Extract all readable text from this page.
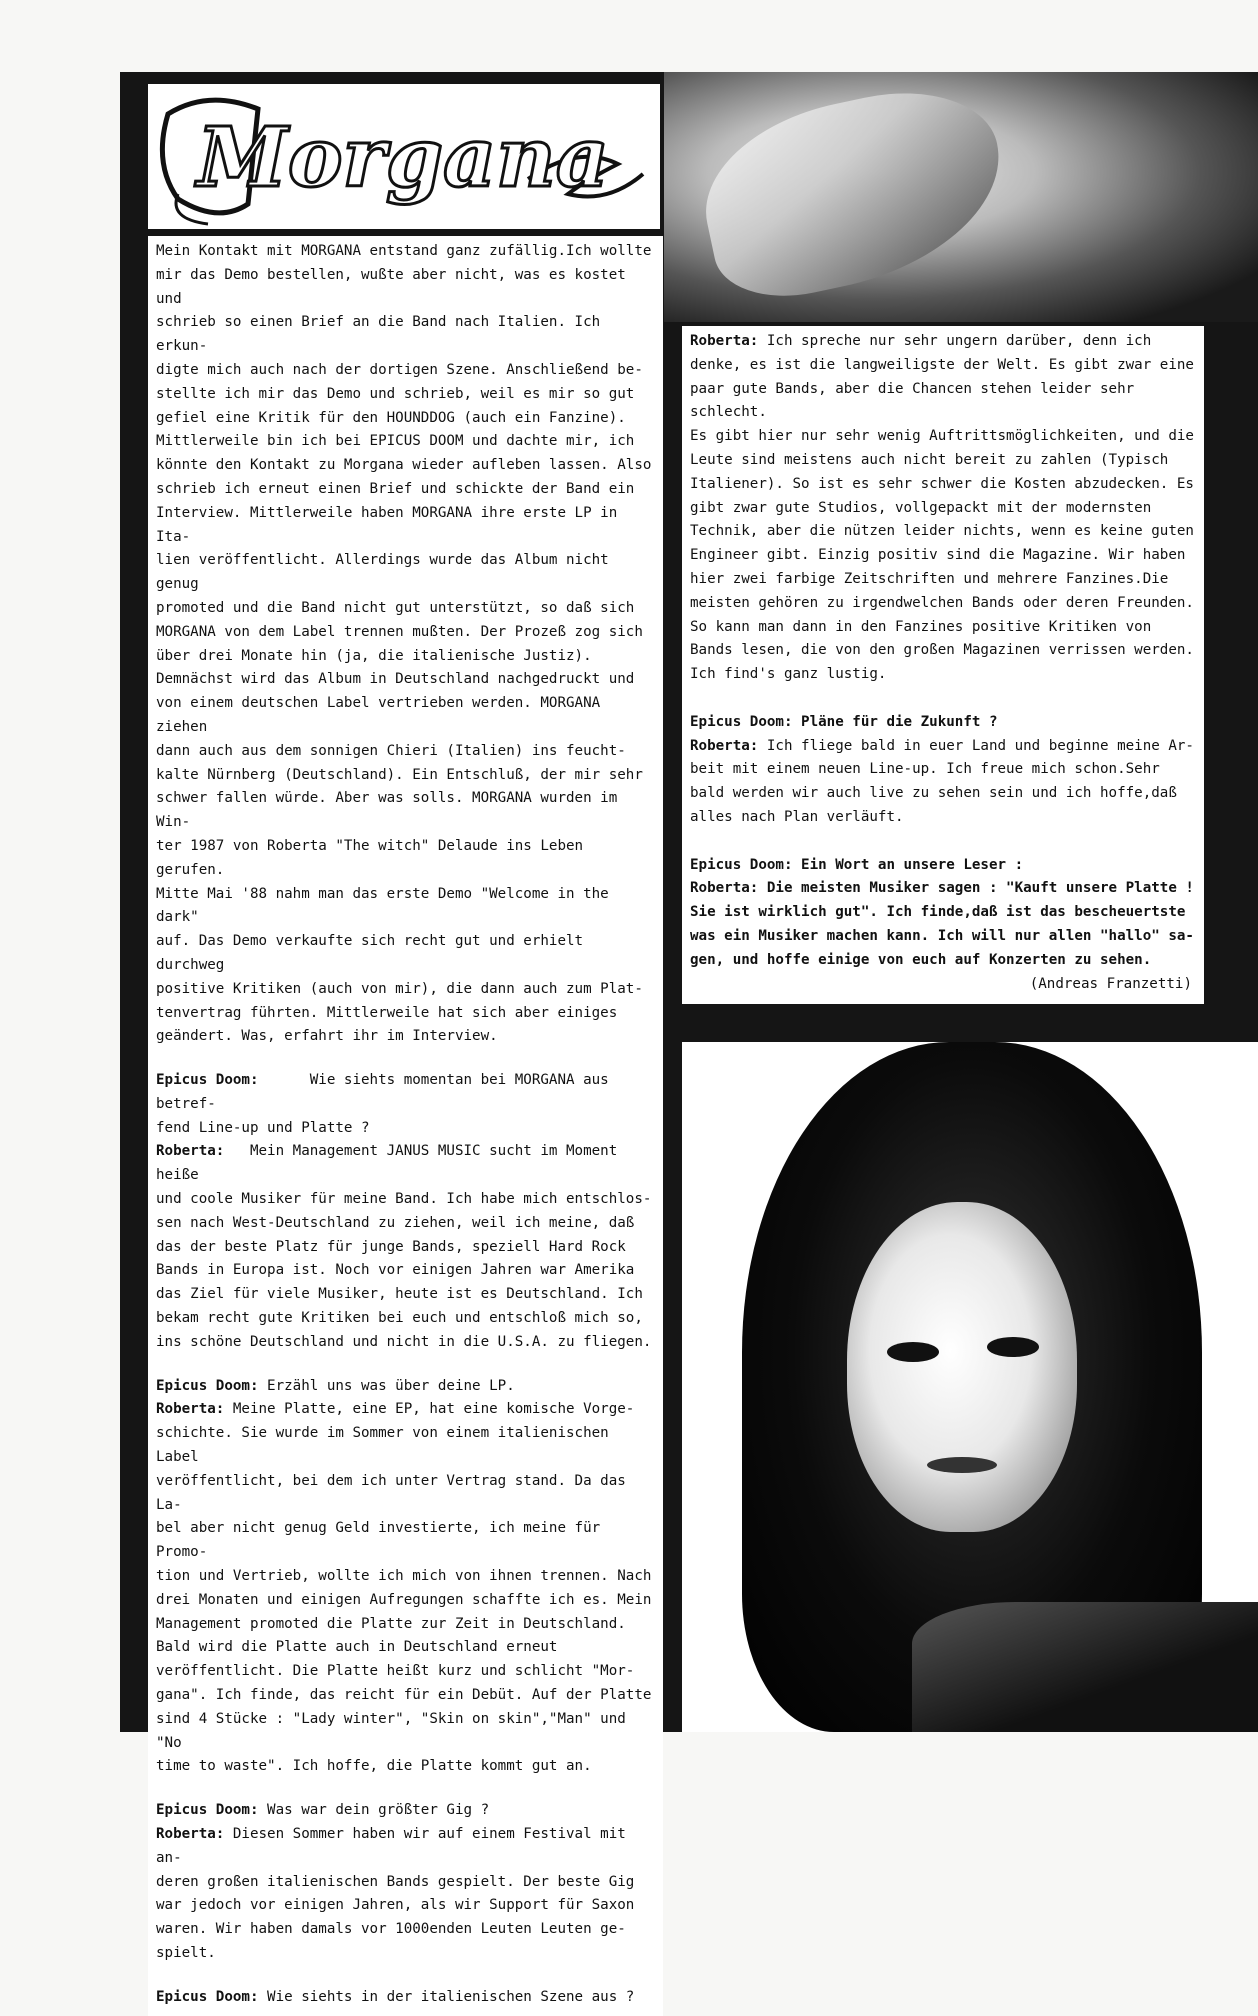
Morgana

Mein Kontakt mit MORGANA entstand ganz zufällig.Ich wollte
mir das Demo bestellen, wußte aber nicht, was es kostet und
schrieb so einen Brief an die Band nach Italien. Ich erkun-
digte mich auch nach der dortigen Szene. Anschließend be-
stellte ich mir das Demo und schrieb, weil es mir so gut
gefiel eine Kritik für den HOUNDDOG (auch ein Fanzine).
Mittlerweile bin ich bei EPICUS DOOM und dachte mir, ich
könnte den Kontakt zu Morgana wieder aufleben lassen. Also
schrieb ich erneut einen Brief und schickte der Band ein
Interview. Mittlerweile haben MORGANA ihre erste LP in Ita-
lien veröffentlicht. Allerdings wurde das Album nicht genug
promoted und die Band nicht gut unterstützt, so daß sich
MORGANA von dem Label trennen mußten. Der Prozeß zog sich
über drei Monate hin (ja, die italienische Justiz).
Demnächst wird das Album in Deutschland nachgedruckt und
von einem deutschen Label vertrieben werden. MORGANA ziehen
dann auch aus dem sonnigen Chieri (Italien) ins feucht-
kalte Nürnberg (Deutschland). Ein Entschluß, der mir sehr
schwer fallen würde. Aber was solls. MORGANA wurden im Win-
ter 1987 von Roberta "The witch" Delaude ins Leben gerufen.
Mitte Mai '88 nahm man das erste Demo "Welcome in the dark"
auf. Das Demo verkaufte sich recht gut und erhielt durchweg
positive Kritiken (auch von mir), die dann auch zum Plat-
tenvertrag führten. Mittlerweile hat sich aber einiges
geändert. Was, erfahrt ihr im Interview.

Epicus Doom:      Wie siehts momentan bei MORGANA aus betref-
fend Line-up und Platte ?
Roberta:   Mein Management JANUS MUSIC sucht im Moment heiße
und coole Musiker für meine Band. Ich habe mich entschlos-
sen nach West-Deutschland zu ziehen, weil ich meine, daß
das der beste Platz für junge Bands, speziell Hard Rock
Bands in Europa ist. Noch vor einigen Jahren war Amerika
das Ziel für viele Musiker, heute ist es Deutschland. Ich
bekam recht gute Kritiken bei euch und entschloß mich so,
ins schöne Deutschland und nicht in die U.S.A. zu fliegen.

Epicus Doom: Erzähl uns was über deine LP.
Roberta: Meine Platte, eine EP, hat eine komische Vorge-
schichte. Sie wurde im Sommer von einem italienischen Label
veröffentlicht, bei dem ich unter Vertrag stand. Da das La-
bel aber nicht genug Geld investierte, ich meine für Promo-
tion und Vertrieb, wollte ich mich von ihnen trennen. Nach
drei Monaten und einigen Aufregungen schaffte ich es. Mein
Management promoted die Platte zur Zeit in Deutschland.
Bald wird die Platte auch in Deutschland erneut
veröffentlicht. Die Platte heißt kurz und schlicht "Mor-
gana". Ich finde, das reicht für ein Debüt. Auf der Platte
sind 4 Stücke : "Lady winter", "Skin on skin","Man" und "No
time to waste". Ich hoffe, die Platte kommt gut an.

Epicus Doom: Was war dein größter Gig ?
Roberta: Diesen Sommer haben wir auf einem Festival mit an-
deren großen italienischen Bands gespielt. Der beste Gig
war jedoch vor einigen Jahren, als wir Support für Saxon
waren. Wir haben damals vor 1000enden Leuten Leuten ge-
spielt.

Epicus Doom: Wie siehts in der italienischen Szene aus ?

Roberta: Ich spreche nur sehr ungern darüber, denn ich
denke, es ist die langweiligste der Welt. Es gibt zwar eine
paar gute Bands, aber die Chancen stehen leider sehr
schlecht.
Es gibt hier nur sehr wenig Auftrittsmöglichkeiten, und die
Leute sind meistens auch nicht bereit zu zahlen (Typisch
Italiener). So ist es sehr schwer die Kosten abzudecken. Es
gibt zwar gute Studios, vollgepackt mit der modernsten
Technik, aber die nützen leider nichts, wenn es keine guten
Engineer gibt. Einzig positiv sind die Magazine. Wir haben
hier zwei farbige Zeitschriften und mehrere Fanzines.Die
meisten gehören zu irgendwelchen Bands oder deren Freunden.
So kann man dann in den Fanzines positive Kritiken von
Bands lesen, die von den großen Magazinen verrissen werden.
Ich find's ganz lustig.

Epicus Doom: Pläne für die Zukunft ?
Roberta: Ich fliege bald in euer Land und beginne meine Ar-
beit mit einem neuen Line-up. Ich freue mich schon.Sehr
bald werden wir auch live zu sehen sein und ich hoffe,daß
alles nach Plan verläuft.

Epicus Doom: Ein Wort an unsere Leser :
Roberta: Die meisten Musiker sagen : "Kauft unsere Platte !
Sie ist wirklich gut". Ich finde,daß ist das bescheuertste
was ein Musiker machen kann. Ich will nur allen "hallo" sa-
gen, und hoffe einige von euch auf Konzerten zu sehen.

(Andreas Franzetti)
